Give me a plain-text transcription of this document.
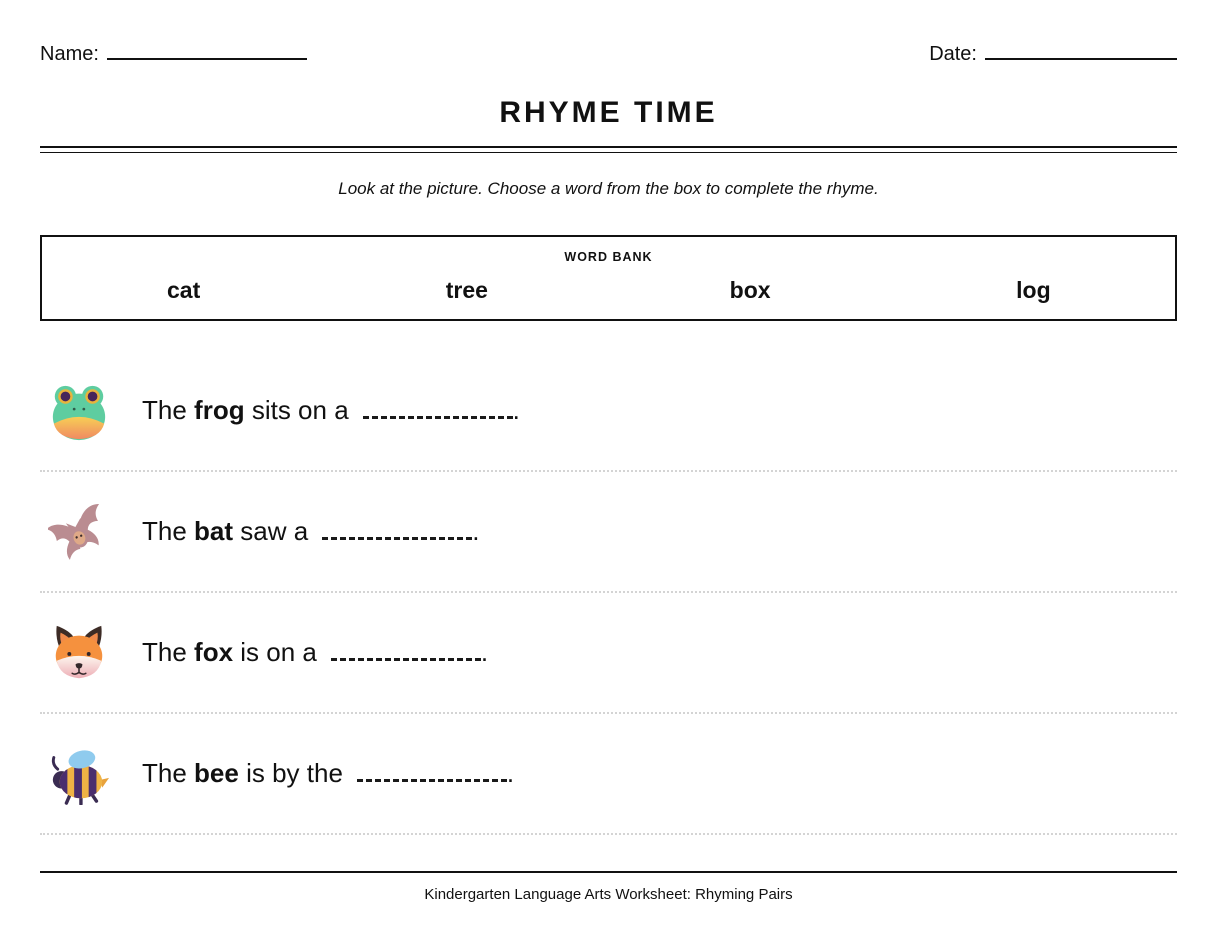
Name:	Date:
RHYME TIME
Look at the picture. Choose a word from the box to complete the rhyme.
WORD BANK
cat	tree	box	log
The frog sits on a	.
The bat saw a	.
The fox is on a	.
The bee is by the	.
Kindergarten Language Arts Worksheet: Rhyming Pairs
